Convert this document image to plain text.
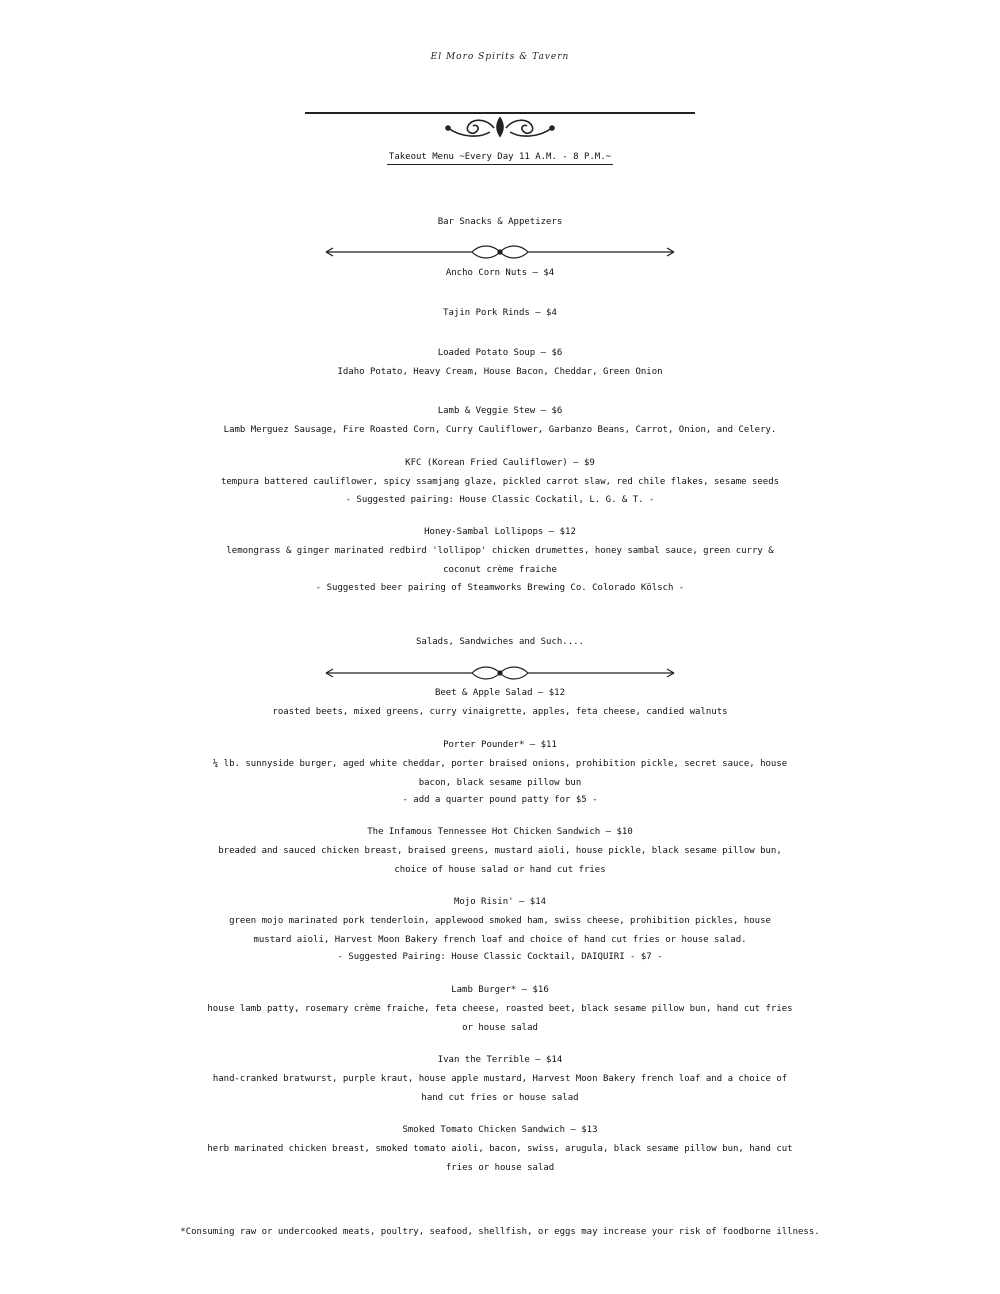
El Moro Spirits & Tavern
Takeout Menu ~Every Day 11 A.M. - 8 P.M.~
Bar Snacks & Appetizers
Ancho Corn Nuts — $4
Tajin Pork Rinds — $4
Loaded Potato Soup — $6
Idaho Potato, Heavy Cream, House Bacon, Cheddar, Green Onion
Lamb & Veggie Stew — $6
Lamb Merguez Sausage, Fire Roasted Corn, Curry Cauliflower, Garbanzo Beans, Carrot, Onion, and Celery.
KFC (Korean Fried Cauliflower) — $9
tempura battered cauliflower, spicy ssamjang glaze, pickled carrot slaw, red chile flakes, sesame seeds
- Suggested pairing: House Classic Cockatil, L. G. & T. -
Honey-Sambal Lollipops — $12
lemongrass & ginger marinated redbird 'lollipop' chicken drumettes, honey sambal sauce, green curry &
coconut crème fraiche
- Suggested beer pairing of Steamworks Brewing Co. Colorado Kölsch -
Salads, Sandwiches and Such....
Beet & Apple Salad — $12
roasted beets, mixed greens, curry vinaigrette, apples, feta cheese, candied walnuts
Porter Pounder* — $11
¼ lb. sunnyside burger, aged white cheddar, porter braised onions, prohibition pickle, secret sauce, house
bacon, black sesame pillow bun
- add a quarter pound patty for $5 -
The Infamous Tennessee Hot Chicken Sandwich — $10
breaded and sauced chicken breast, braised greens, mustard aioli, house pickle, black sesame pillow bun,
choice of house salad or hand cut fries
Mojo Risin' — $14
green mojo marinated pork tenderloin, applewood smoked ham, swiss cheese, prohibition pickles, house
mustard aioli, Harvest Moon Bakery french loaf and choice of hand cut fries or house salad.
- Suggested Pairing: House Classic Cocktail, DAIQUIRI - $7 -
Lamb Burger* — $16
house lamb patty, rosemary crème fraiche, feta cheese, roasted beet, black sesame pillow bun, hand cut fries
or house salad
Ivan the Terrible — $14
hand-cranked bratwurst, purple kraut, house apple mustard, Harvest Moon Bakery french loaf and a choice of
hand cut fries or house salad
Smoked Tomato Chicken Sandwich — $13
herb marinated chicken breast, smoked tomato aioli, bacon, swiss, arugula, black sesame pillow bun, hand cut
fries or house salad
*Consuming raw or undercooked meats, poultry, seafood, shellfish, or eggs may increase your risk of foodborne illness.
